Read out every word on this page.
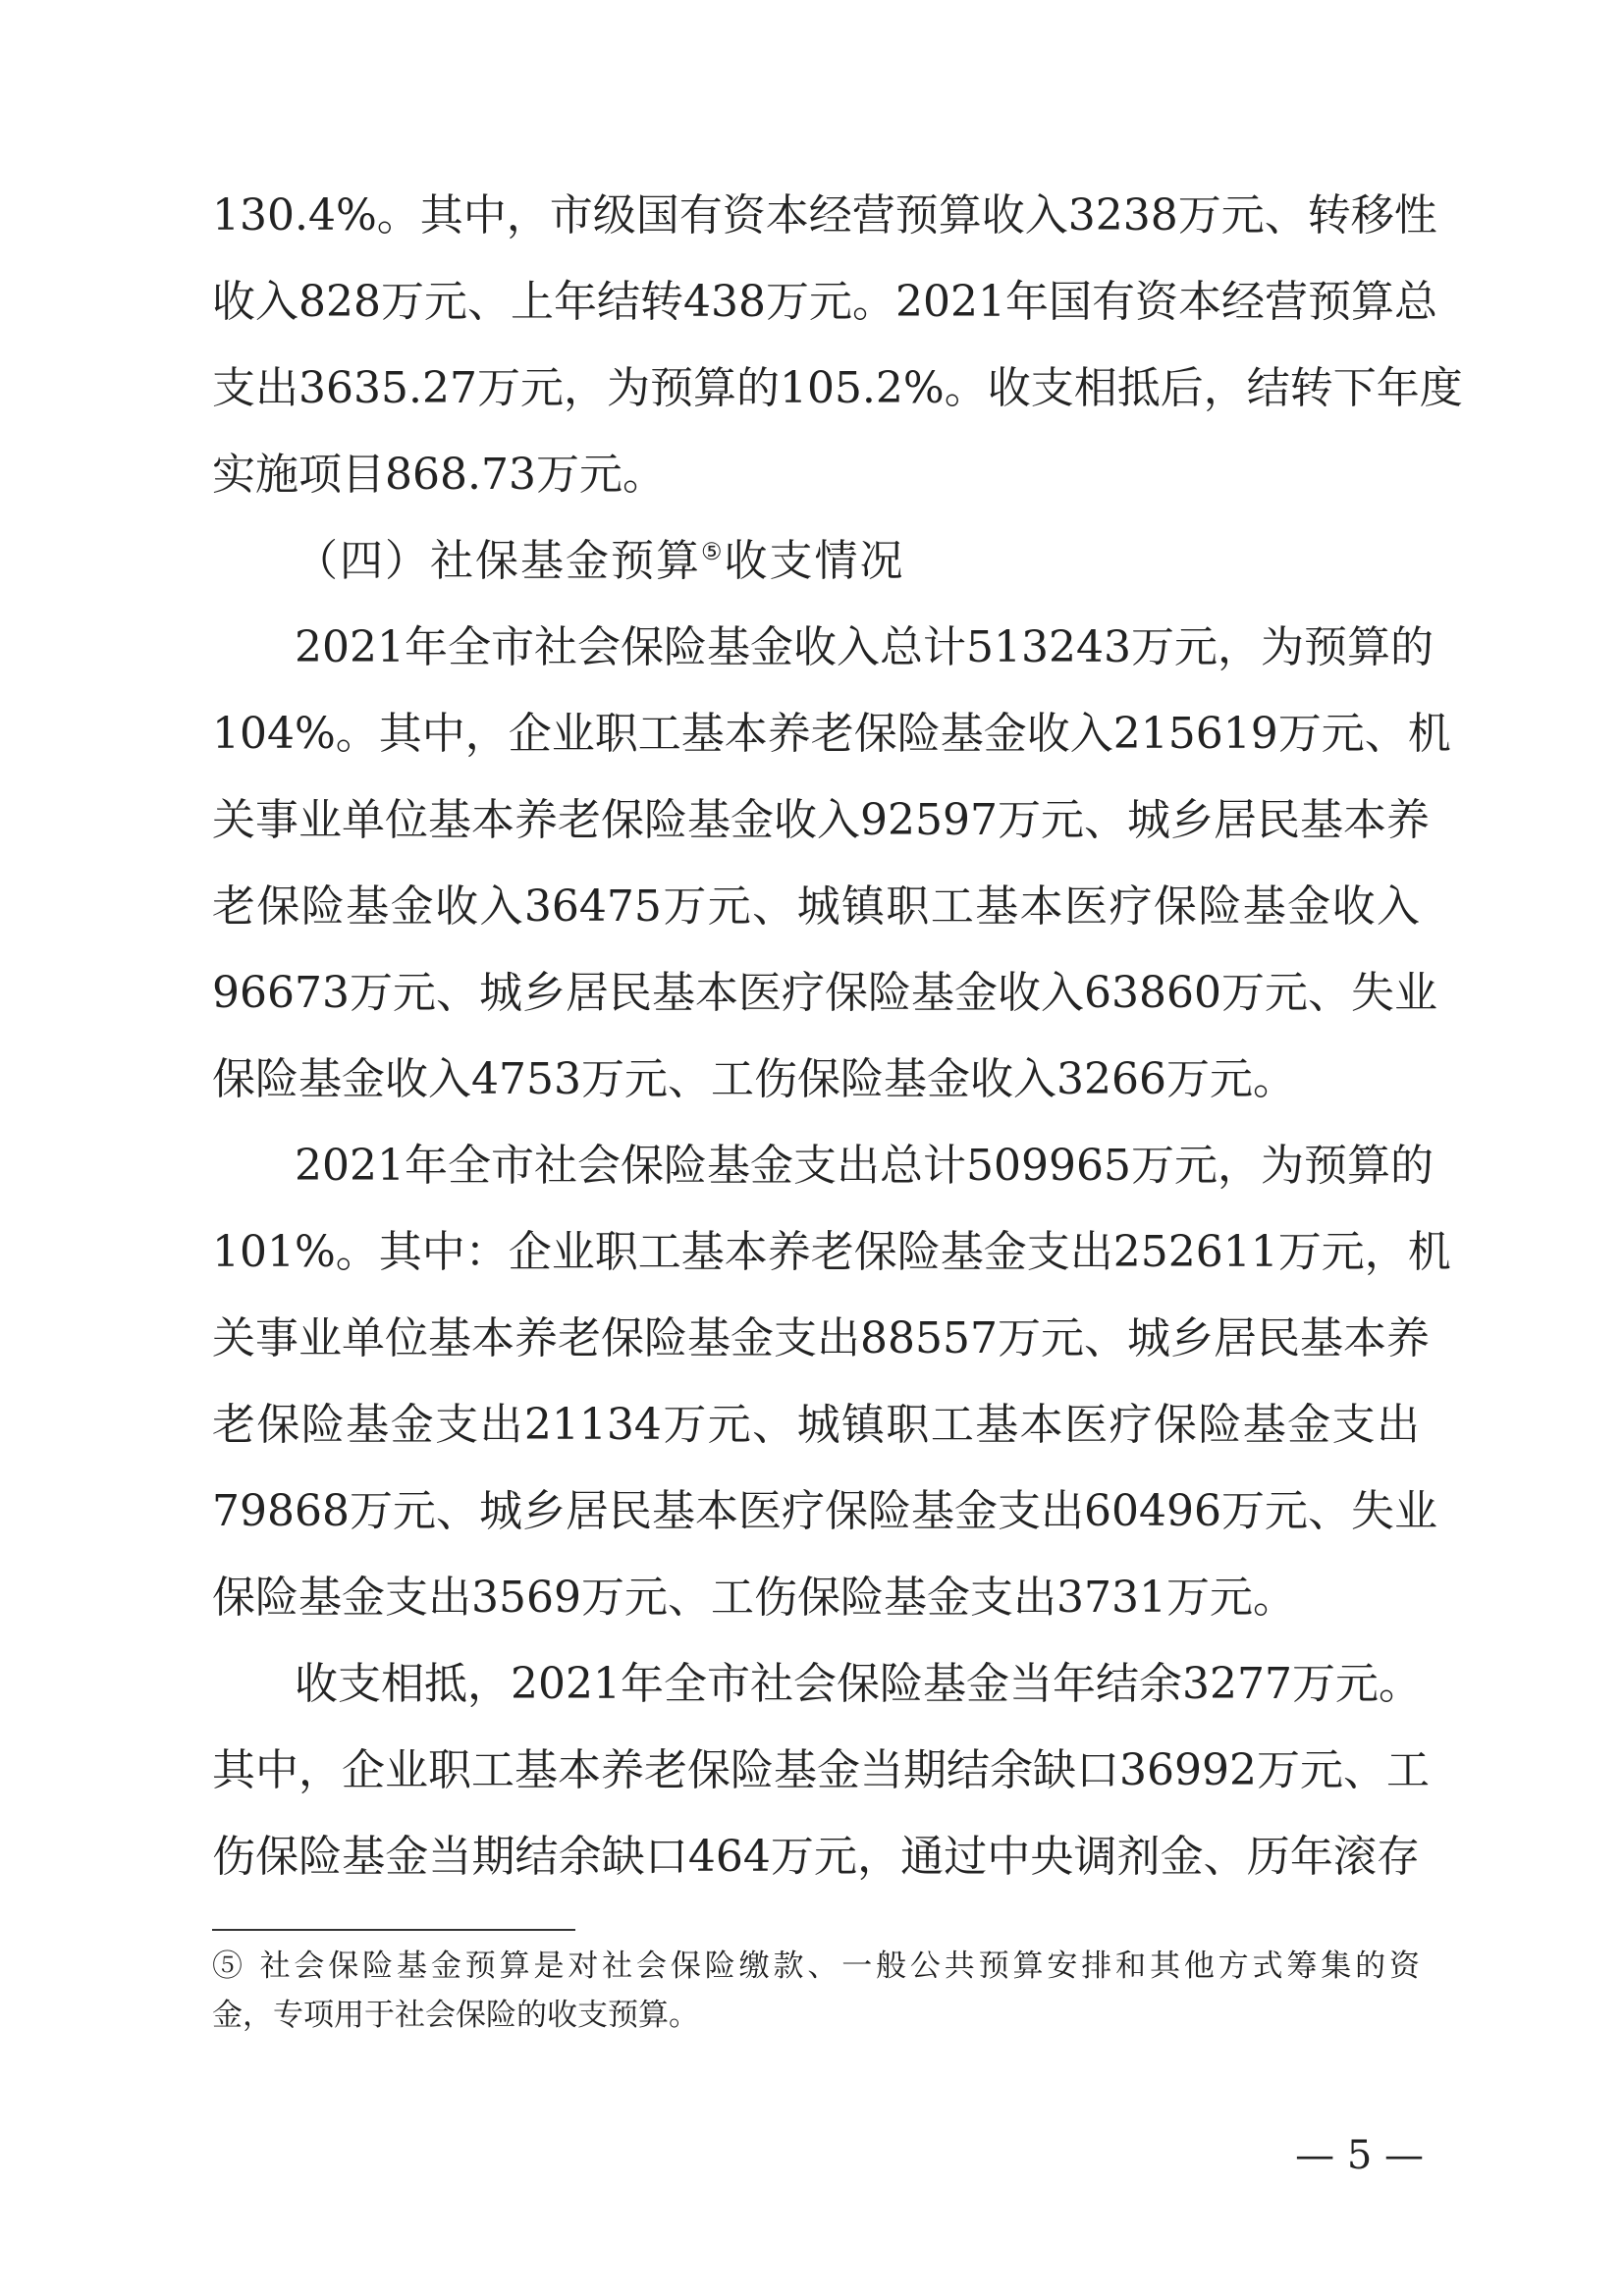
130.4%。其中，市级国有资本经营预算收入3238万元、转移性
收入828万元、上年结转438万元。2021年国有资本经营预算总
支出3635.27万元，为预算的105.2%。收支相抵后，结转下年度
实施项目868.73万元。
（四）社保基金预算⑤收支情况
2021年全市社会保险基金收入总计513243万元，为预算的
104%。其中，企业职工基本养老保险基金收入215619万元、机
关事业单位基本养老保险基金收入92597万元、城乡居民基本养
老保险基金收入36475万元、城镇职工基本医疗保险基金收入
96673万元、城乡居民基本医疗保险基金收入63860万元、失业
保险基金收入4753万元、工伤保险基金收入3266万元。
2021年全市社会保险基金支出总计509965万元，为预算的
101%。其中：企业职工基本养老保险基金支出252611万元，机
关事业单位基本养老保险基金支出88557万元、城乡居民基本养
老保险基金支出21134万元、城镇职工基本医疗保险基金支出
79868万元、城乡居民基本医疗保险基金支出60496万元、失业
保险基金支出3569万元、工伤保险基金支出3731万元。
收支相抵，2021年全市社会保险基金当年结余3277万元。
其中，企业职工基本养老保险基金当期结余缺口36992万元、工
⑤ 社会保险基金预算是对社会保险缴款、一般公共预算安排和其他方式筹集的资
金，专项用于社会保险的收支预算。
— 5 —
伤保险基金当期结余缺口464万元，通过中央调剂金、历年滚存
